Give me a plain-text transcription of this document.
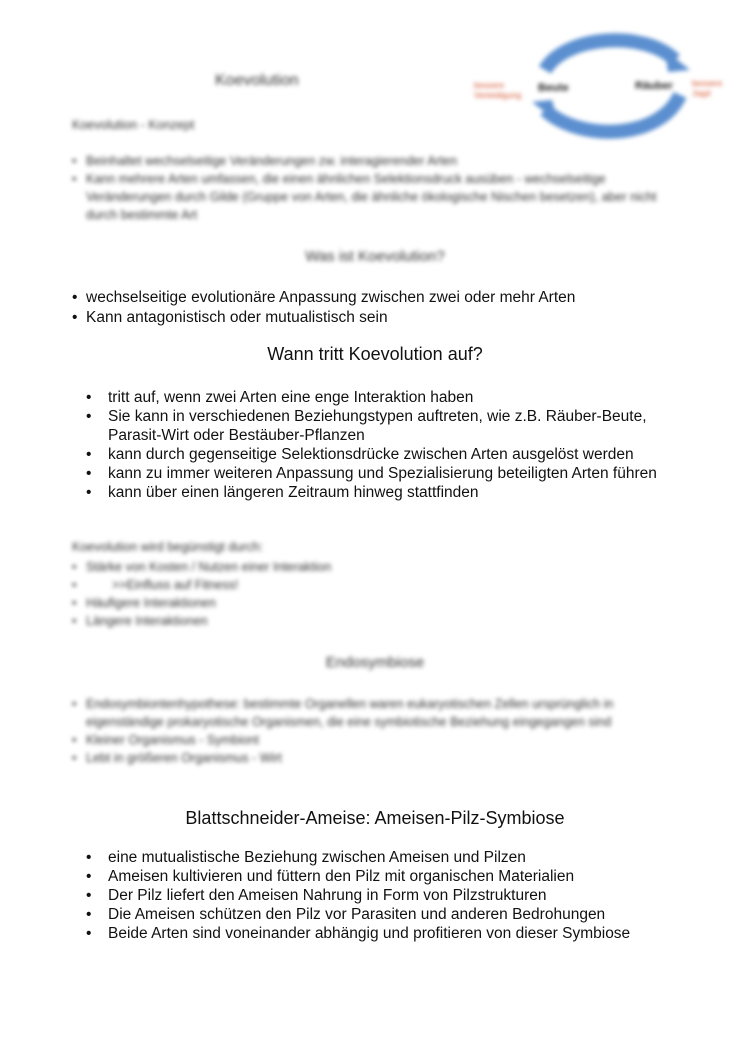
Koevolution
Koevolution - Konzept
• Beinhaltet wechselseitige Veränderungen zw. interagierender Arten
• Kann mehrere Arten umfassen, die einen ähnlichen Selektionsdruck ausüben - wechselseitige Veränderungen durch Gilde (Gruppe von Arten, die ähnliche ökologische Nischen besetzen), aber nicht durch bestimmte Art
Beute	Räuber
bessere Verteidigung
bessere Jagd
Was ist Koevolution?
• wechselseitige evolutionäre Anpassung zwischen zwei oder mehr Arten
• Kann antagonistisch oder mutualistisch sein
Wann tritt Koevolution auf?
• tritt auf, wenn zwei Arten eine enge Interaktion haben
• Sie kann in verschiedenen Beziehungstypen auftreten, wie z.B. Räuber-Beute, Parasit-Wirt oder Bestäuber-Pflanzen
• kann durch gegenseitige Selektionsdrücke zwischen Arten ausgelöst werden
• kann zu immer weiteren Anpassung und Spezialisierung beteiligten Arten führen
• kann über einen längeren Zeitraum hinweg stattfinden
Koevolution wird begünstigt durch:
• Stärke von Kosten / Nutzen einer Interaktion
• >>Einfluss auf Fitness!
• Häufigere Interaktionen
• Längere Interaktionen
Endosymbiose
• Endosymbiontenhypothese: bestimmte Organellen waren eukaryotischen Zellen ursprünglich in eigenständige prokaryotische Organismen, die eine symbiotische Beziehung eingegangen sind
• Kleiner Organismus - Symbiont
• Lebt in größeren Organismus - Wirt
Blattschneider-Ameise: Ameisen-Pilz-Symbiose
• eine mutualistische Beziehung zwischen Ameisen und Pilzen
• Ameisen kultivieren und füttern den Pilz mit organischen Materialien
• Der Pilz liefert den Ameisen Nahrung in Form von Pilzstrukturen
• Die Ameisen schützen den Pilz vor Parasiten und anderen Bedrohungen
• Beide Arten sind voneinander abhängig und profitieren von dieser Symbiose
